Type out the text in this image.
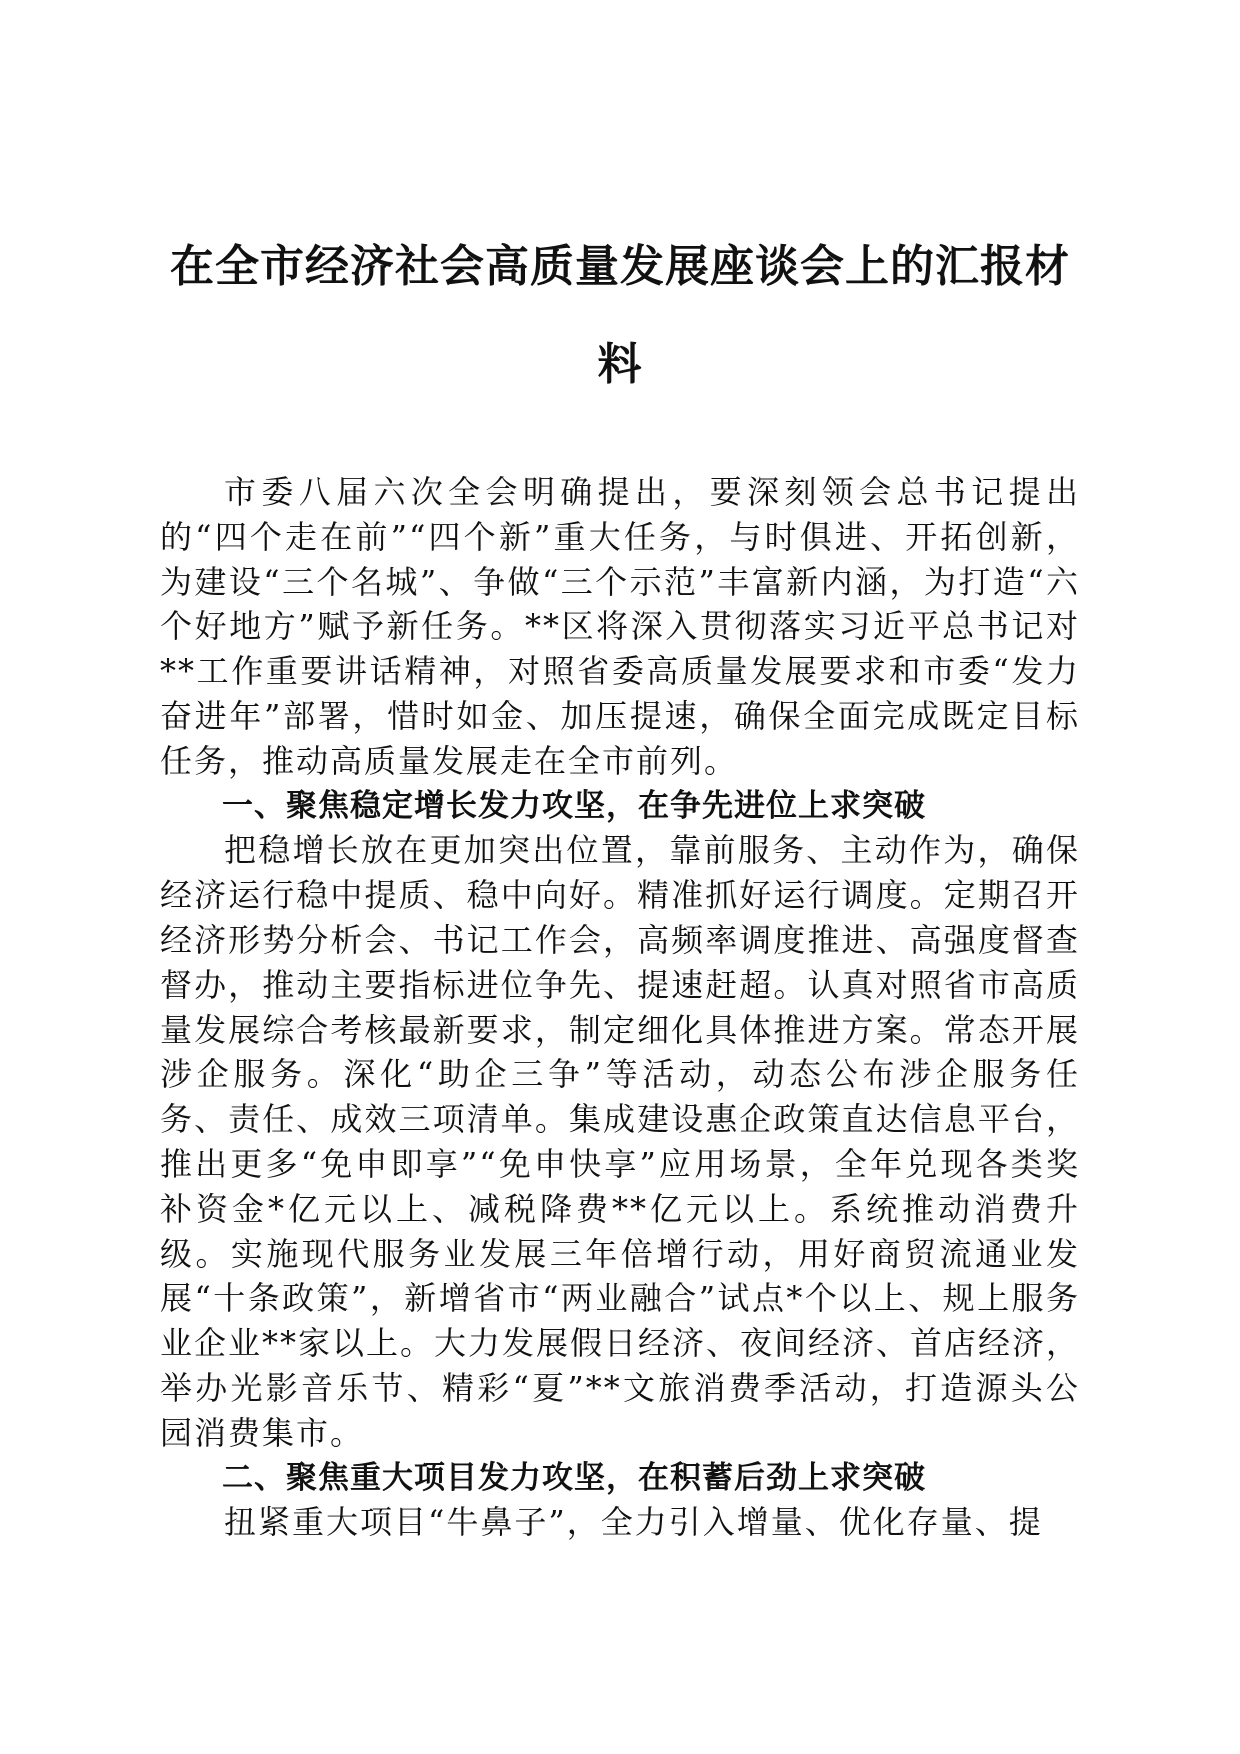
在全市经济社会高质量发展座谈会上的汇报材
料

市委八届六次全会明确提出，要深刻领会总书记提出的“四个走在前”“四个新”重大任务，与时俱进、开拓创新，为建设“三个名城”、争做“三个示范”丰富新内涵，为打造“六个好地方”赋予新任务。**区将深入贯彻落实习近平总书记对**工作重要讲话精神，对照省委高质量发展要求和市委“发力奋进年”部署，惜时如金、加压提速，确保全面完成既定目标任务，推动高质量发展走在全市前列。

一、聚焦稳定增长发力攻坚，在争先进位上求突破

把稳增长放在更加突出位置，靠前服务、主动作为，确保经济运行稳中提质、稳中向好。精准抓好运行调度。定期召开经济形势分析会、书记工作会，高频率调度推进、高强度督查督办，推动主要指标进位争先、提速赶超。认真对照省市高质量发展综合考核最新要求，制定细化具体推进方案。常态开展涉企服务。深化“助企三争”等活动，动态公布涉企服务任务、责任、成效三项清单。集成建设惠企政策直达信息平台，推出更多“免申即享”“免申快享”应用场景，全年兑现各类奖补资金*亿元以上、减税降费**亿元以上。系统推动消费升级。实施现代服务业发展三年倍增行动，用好商贸流通业发展“十条政策”，新增省市“两业融合”试点*个以上、规上服务业企业**家以上。大力发展假日经济、夜间经济、首店经济，举办光影音乐节、精彩“夏”**文旅消费季活动，打造源头公园消费集市。

二、聚焦重大项目发力攻坚，在积蓄后劲上求突破

扭紧重大项目“牛鼻子”，全力引入增量、优化存量、提
